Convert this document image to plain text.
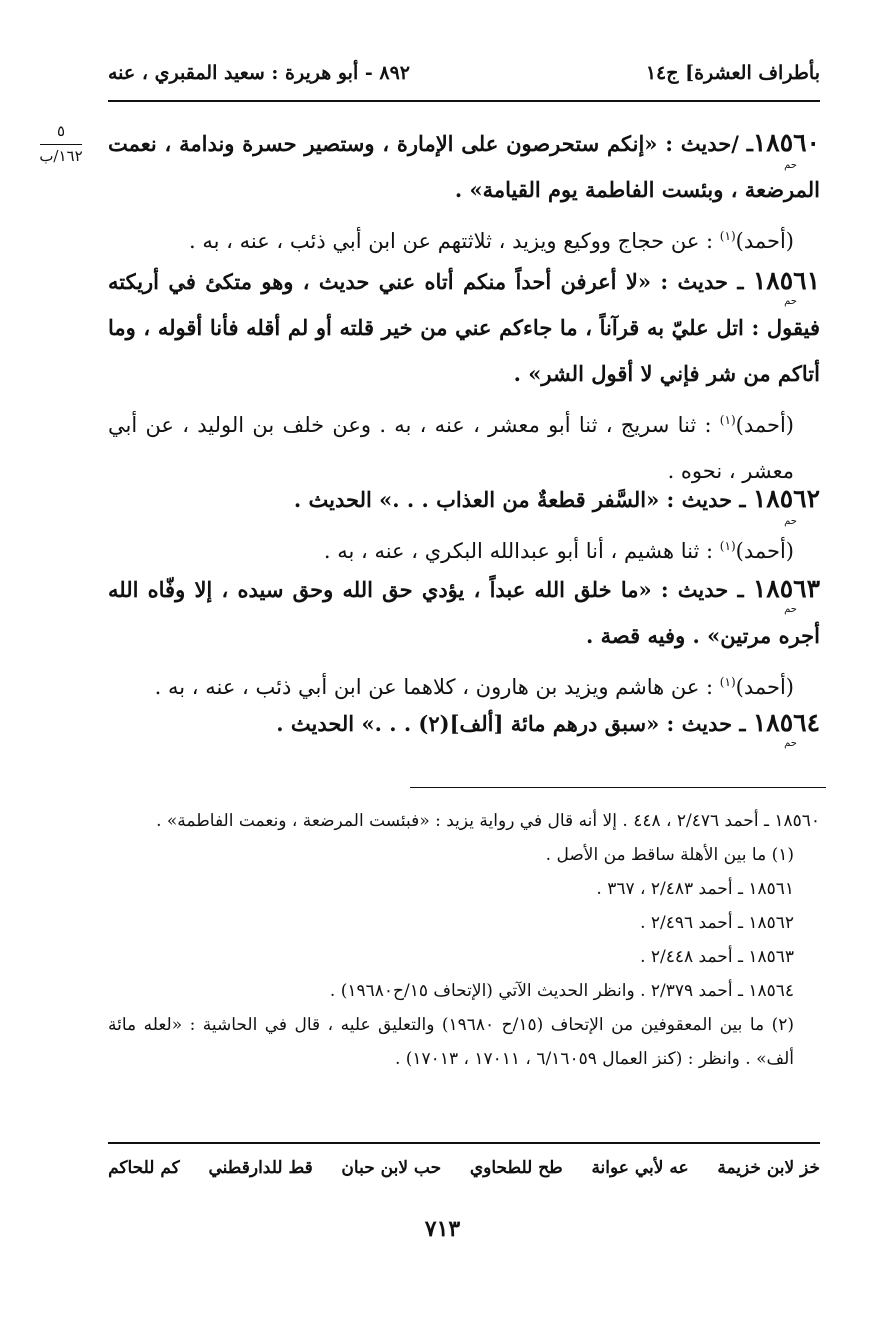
بأطراف العشرة] ج١٤
٨٩٢ - أبو هريرة : سعيد المقبري ، عنه
٥
١٦٢/ب	١٨٥٦٠ـ /حديث : «إنكم ستحرصون على الإمارة ، وستصير حسرة وندامة ، نعمت المرضعة ، وبئست الفاطمة يوم القيامة» .

(أحمد)$^{(١)}$ : عن حجاج ووكيع ويزيد ، ثلاثتهم عن ابن أبي ذئب ، عنه ، به .

حم

١٨٥٦١ ـ حديث : «لا أعرفن أحداً منكم أتاه عني حديث ، وهو متكئ في أريكته فيقول : اتل عليّ به قرآناً ، ما جاءكم عني من خير قلته أو لم أقله فأنا أقوله ، وما أتاكم من شر فإني لا أقول الشر» .

(أحمد)$^{(١)}$ : ثنا سريج ، ثنا أبو معشر ، عنه ، به . وعن خلف بن الوليد ، عن أبي معشر ، نحوه .

حم

١٨٥٦٢ ـ حديث : «السَّفر قطعةٌ من العذاب . . .» الحديث .

(أحمد)$^{(١)}$ : ثنا هشيم ، أنا أبو عبدالله البكري ، عنه ، به .

حم

١٨٥٦٣ ـ حديث : «ما خلق الله عبداً ، يؤدي حق الله وحق سيده ، إلا وفّاه الله أجره مرتين» . وفيه قصة .

(أحمد)$^{(١)}$ : عن هاشم ويزيد بن هارون ، كلاهما عن ابن أبي ذئب ، عنه ، به .

حم

١٨٥٦٤ ـ حديث : «سبق درهم مائة [ألف](٢) . . .» الحديث .

حم

١٨٥٦٠ ـ أحمد ٢/٤٧٦ ، ٤٤٨ . إلا أنه قال في رواية يزيد : «فبئست المرضعة ، ونعمت الفاطمة» .

(١) ما بين الأهلة ساقط من الأصل .

١٨٥٦١ ـ أحمد ٢/٤٨٣ ، ٣٦٧ .

١٨٥٦٢ ـ أحمد ٢/٤٩٦ .

١٨٥٦٣ ـ أحمد ٢/٤٤٨ .

١٨٥٦٤ ـ أحمد ٢/٣٧٩ . وانظر الحديث الآتي (الإتحاف ١٥/ح١٩٦٨٠) .

(٢) ما بين المعقوفين من الإتحاف (١٥/ح ١٩٦٨٠) والتعليق عليه ، قال في الحاشية : «لعله مائة ألف» . وانظر : (كنز العمال ٦/١٦٠٥٩ ، ١٧٠١١ ، ١٧٠١٣) .

خز لابن خزيمة
عه لأبي عوانة
طح للطحاوي
حب لابن حبان
قط للدارقطني
كم للحاكم
٧١٣
